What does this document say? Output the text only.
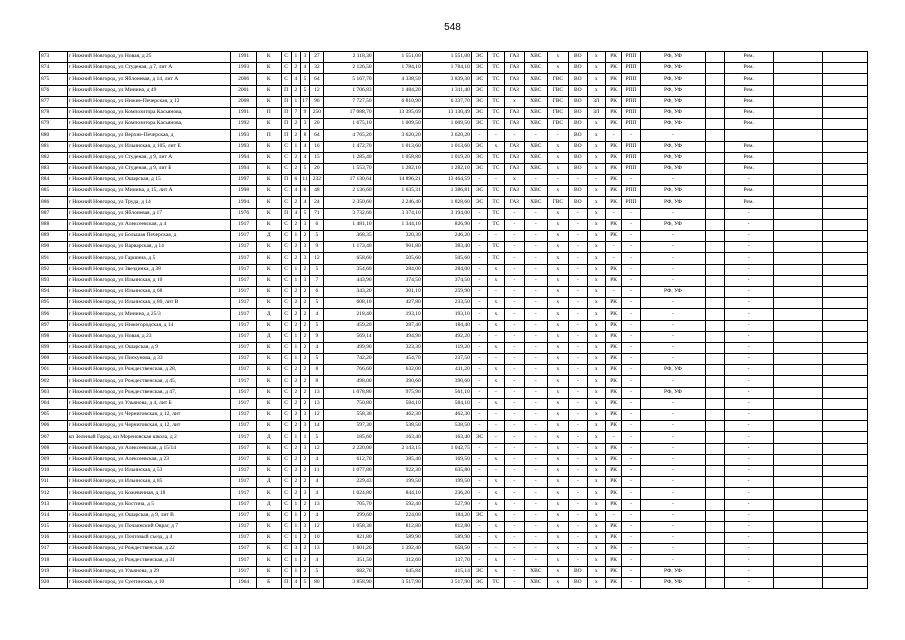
548
873	г Нижний Новгород, ул Новая, д 25	1991	К	С	1	3	27	2 118,30	1 551,00	1 551,00	ЭС	ТС	ГАЗ	ХВС	х	ВО	х	РК	РПП	РФ, УФ		Рем.		
874	г Нижний Новгород, ул Студеная, д 7, лит А	1993	К	С	2	4	32	2 126,50	1 784,10	1 784,10	ЭС	ТС	ГАЗ	ХВС	х	ВО	х	РК	РПП	РФ, УФ		Рем.		
875	г Нижний Новгород, ул Яблоневая, д 14, лит А	2006	К	С	4	5	64	5 167,70	4 338,50	3 839,30	ЭС	ТС	ГАЗ	ХВС	ГВС	ВО	х	РК	РПП	РФ, УФ		Рем.		
876	г Нижний Новгород, ул Минина, д 49	2001	К	П	2	5	12	1 706,83	1 484,20	1 311,40	ЭС	ТС	ГАЗ	ХВС	ГВС	ВО	х	РК	РПП	РФ, УФ		Рем.		
877	г Нижний Новгород, ул Нижне-Печерская, д 12	2008	К	П	1	17	96	7 727,50	6 810,90	6 337,70	ЭС	ТС	х	ХВС	ГВС	ВО	ЗЛ	РК	РПП	РФ, УФ		Рем.		
878	г Нижний Новгород, ул Композитора Касьянова,	1991	П	П	7	9	250	17 088,70	13 395,69	13 130,49	ЭС	ТС	ГАЗ	ХВС	ГВС	ВО	ЗЛ	РК	РПП	РФ, УФ		Рем.		
879	г Нижний Новгород, ул Композитора Касьянова,	1992	К	П	2	3	20	1 675,10	1 009,50	1 009,50	ЭС	ТС	ГАЗ	ХВС	ГВС	ВО	х	РК	РПП	РФ, УФ		Рем.		
880	г Нижний Новгород, ул Верхне-Печерская, д	1993	П	П	2	8	64	4 765,20	3 620,20	3 620,20	-	-	-	-	-	ВО	х	-	-	-				
881	г Нижний Новгород, ул Ильинская, д 105, лит Е	1993	К	С	1	4	16	1 472,70	1 013,60	1 013,60	ЭС	х	ГАЗ	ХВС	х	ВО	х	РК	РПП	РФ, УФ		Рем.		
882	г Нижний Новгород, ул Студеная, д 9, лит А	1994	К	С	2	4	15	1 285,40	1 058,80	1 019,20	ЭС	ТС	ГАЗ	ХВС	х	ВО	х	РК	РПП	РФ, УФ		Рем.		
883	г Нижний Новгород, ул Студеная, д 9, лит Б	1994	К	С	2	5	20	1 553,70	1 282,10	1 282,10	ЭС	ТС	ГАЗ	ХВС	х	ВО	х	РК	РПП	РФ, УФ		Рем.		
884	г Нижний Новгород, ул Ошарская, д 15	1997	К	П	6	11	232	17 130,64	14 896,21	13 464,59	-	-	х	-	-	-	-	РК	-	-		-		
885	г Нижний Новгород, ул Минина, д 15, лит А	1998	К	С	4	6	48	2 136,60	1 635,31	1 386,81	ЭС	ТС	ГАЗ	ХВС	х	ВО	х	РК	РПП	РФ, УФ		Рем.		
886	г Нижний Новгород, ул Труда, д 14	1994	К	С	2	4	24	2 350,60	2 246,40	1 828,60	ЭС	ТС	ГАЗ	ХВС	ГВС	ВО	х	РК	РПП	РФ, УФ		Рем.		
887	г Нижний Новгород, ул Яблоневая, д 17	1976	К	П	4	5	71	3 732,60	3 374,10	3 194,00	-	ТС	-	-	х	-	х	-	-	-		-		
888	г Нижний Новгород, ул Алексеевская, д 4	1917	К	С	2	3	6	1 481,10	1 344,10	826,90	-	ТС	-	-	х	-	х	РК	-	РФ, УФ		-		
889	г Нижний Новгород, ул Большая Печерская, д	1917	Д	С	1	2	5	368,35	320,30	246,20	-	-	-	-	х	-	х	РК	-	-		-		
890	г Нижний Новгород, ул Варварская, д 14	1917	К	С	2	3	9	1 173,40	901,80	383,40	-	ТС	-	-	х	-	х	-	-	-		-		
891	г Нижний Новгород, ул Гаршина, д 5	1917	К	С	2	3	12	658,60	505,60	505,60	-	ТС	-	-	х	-	х	-	-	-		-		
892	г Нижний Новгород, ул Звездинка, д 38	1917	К	С	1	2	5	354,60	284,00	284,00	-	х	-	-	х	-	х	РК	-	-		-		
893	г Нижний Новгород, ул Ильинская, д 10	1917	К	С	1	3	7	443,90	374,50	374,50	-	х	-	-	х	-	х	РК	-	-		-		
894	г Нижний Новгород, ул Ильинская, д 68	1917	К	С	2	2	6	343,20	301,10	259,90	-	-	-	-	х	-	х	-	-	РФ, УФ		-		
895	г Нижний Новгород, ул Ильинская, д 80, лит В	1917	К	С	2	2	5	608,10	427,80	233,50	-	х	-	-	х	-	х	РК	-	-		-		
896	г Нижний Новгород, ул Минина, д 25/3	1917	Д	С	2	2	4	218,40	193,10	193,10	-	х	-	-	х	-	х	РК	-	-		-		
897	г Нижний Новгород, ул Нижегородская, д 14	1917	К	С	2	2	5	459,20	287,40	184,40	-	х	-	-	х	-	х	РК	-	-		-		
898	г Нижний Новгород, ул Новая, д 23	1917	Д	С	1	2	9	569,14	494,90	492,20	-	-	-	-	х	-	х	РК	-	-		-		
899	г Нижний Новгород, ул Ошарская, д 9	1917	К	С	1	2	4	499,90	323,30	119,20	-	х	-	-	х	-	х	РК	-	-		-		
900	г Нижний Новгород, ул Пискунова, д 33	1917	К	С	1	2	5	742,20	454,70	237,50	-	-	-	-	х	-	х	РК	-	-		-		
901	г Нижний Новгород, ул Рождественская, д 28,	1917	К	С	2	2	8	766,60	632,00	411,20	-	х	-	-	х	-	х	РК	-	РФ, УФ		-		
902	г Нижний Новгород, ул Рождественская, д 45,	1917	К	С	2	2	8	498,00	390,60	390,60	-	х	-	-	х	-	х	РК	-	-		-		
903	г Нижний Новгород, ул Рождественская, д 47,	1917	К	С	2	2	13	1 078,80	975,90	561,10	-	-	-	-	х	-	х	РК	-	РФ, УФ		-		
904	г Нижний Новгород, ул Ульянова, д 4, лит Б	1917	К	С	2	2	13	750,80	584,10	584,10	-	х	-	-	х	-	х	РК	-	-		-		
905	г Нижний Новгород, ул Черниговская, д 12, лит	1917	К	С	2	3	12	558,30	462,30	462,30	-	-	-	-	х	-	х	РК	-	-		-		
906	г Нижний Новгород, ул Черниговская, д 12, лит	1917	К	С	2	3	14	597,30	538,50	538,50	-	-	-	-	х	-	х	РК	-	-		-		
907	кп Зеленый Город, кп Мореновская школа, д 2	1917	Д	С	1	1	5	185,60	163,40	163,40	ЭС	-	-	-	х	-	х	-	-	-		-		
908	г Нижний Новгород, ул Алексеевская, д 15/14	1917	К	С	2	3	12	2 220,00	2 143,15	1 042,75	-	-	-	-	х	-	х	РК	-	-		-		
909	г Нижний Новгород, ул Алексеевская, д 23	1917	К	С	2	2	4	612,70	385,40	169,50	-	х	-	-	х	-	х	РК	-	-		-		
910	г Нижний Новгород, ул Ильинская, д 53	1917	К	С	2	2	11	1 077,80	922,30	635,80	-	-	-	-	х	-	х	РК	-	-		-		
911	г Нижний Новгород, ул Ильинская, д 85	1917	Д	С	2	2	4	229,43	199,50	199,50	-	х	-	-	х	-	х	РК	-	-		-		
912	г Нижний Новгород, ул Кожевенная, д 18	1917	К	С	2	3	4	1 024,80	844,10	236,20	-	х	-	-	х	-	х	РК	-	-		-		
913	г Нижний Новгород, ул Костина, д 5	1917	Д	С	1	2	13	705,70	592,40	527,90	-	х	-	-	х	-	х	РК	-	-		-		
914	г Нижний Новгород, ул Ошарская, д 9, лит В	1917	К	С	1	2	4	299,60	224,00	184,20	ЭС	х	-	-	х	-	х	-	-	-		-		
915	г Нижний Новгород, ул Почаинский Овраг, д 7	1917	К	С	1	3	12	1 058,30	812,80	812,80	-	х	-	-	х	-	х	РК	-	-		-		
916	г Нижний Новгород, ул Почтовый съезд, д 4	1917	К	С	1	2	10	821,80	589,90	589,90	-	х	-	-	х	-	х	РК	-	-		-		
917	г Нижний Новгород, ул Рождественская, д 22	1917	К	С	3	2	13	1 601,26	1 392,40	658,50	-	-	-	-	х	-	х	РК	-	-		-		
918	г Нижний Новгород, ул Рождественская, д 31	1917	К	С	1	2	4	351,50	312,60	137,70	-	х	-	-	х	-	х	РК	-	-		-		
919	г Нижний Новгород, ул Ульянова, д 29	1917	К	С	1	2	5	682,70	645,84	415,14	ЭС	х	-	ХВС	х	ВО	х	РК	-	РФ, УФ		-		
920	г Нижний Новгород, ул Суетинская, д 10	1964	Б	П	4	5	80	3 858,90	3 517,90	3 517,90	ЭС	ТС	-	ХВС	х	ВО	х	РК	-	РФ, УФ		-		
